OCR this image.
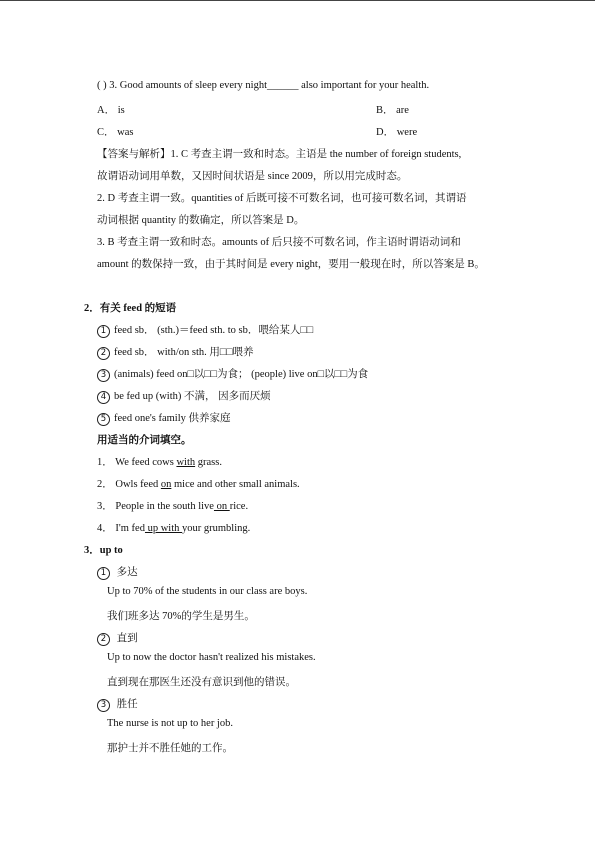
( ) 3. Good amounts of sleep every night______ also important for your health.
A． is	B． are
C． was	D． were
【答案与解析】1. C 考查主谓一致和时态。主语是 the number of foreign students,
故谓语动词用单数，又因时间状语是 since 2009，所以用完成时态。
2. D 考查主谓一致。quantities of 后既可接不可数名词，也可接可数名词，其谓语
动词根据 quantity 的数确定，所以答案是 D。
3. B 考查主谓一致和时态。amounts of 后只接不可数名词，作主语时谓语动词和
amount 的数保持一致，由于其时间是 every night，要用一般现在时，所以答案是 B。
2．有关 feed 的短语
1 feed sb． (sth.)＝feed sth. to sb．喂给某人□□
2 feed sb． with/on sth. 用□□喂养
3 (animals) feed on□以□□为食； (people) live on□以□□为食
4 be fed up (with) 不满， 因多而厌烦
5 feed one's family 供养家庭
用适当的介词填空。
1． We feed cows with grass.
2． Owls feed on mice and other small animals.
3． People in the south live on rice.
4． I'm fed up with your grumbling.
3．up to
1 多达
Up to 70% of the students in our class are boys.
我们班多达 70%的学生是男生。
2 直到
Up to now the doctor hasn't realized his mistakes.
直到现在那医生还没有意识到他的错误。
3 胜任
The nurse is not up to her job.
那护士并不胜任她的工作。
